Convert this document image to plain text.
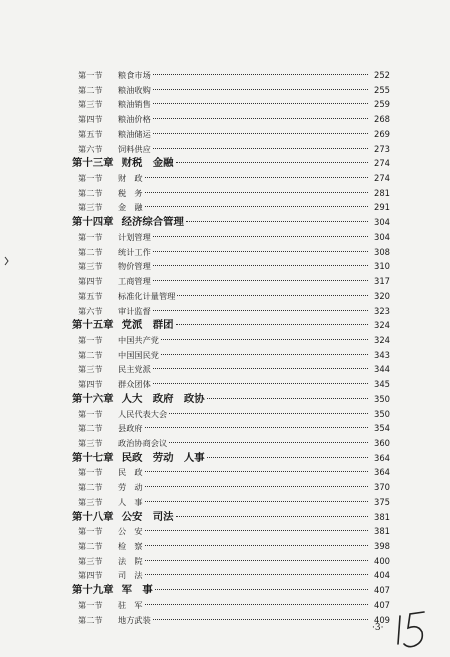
第一节	粮食市场	252
第二节	粮油收购	255
第三节	粮油销售	259
第四节	粮油价格	268
第五节	粮油储运	269
第六节	饲料供应	273
第十三章 财税　金融	274
第一节	财　政	274
第二节	税　务	281
第三节	金　融	291
第十四章 经济综合管理	304
第一节	计划管理	304
第二节	统计工作	308
第三节	物价管理	310
第四节	工商管理	317
第五节	标准化计量管理	320
第六节	审计监督	323
第十五章 党派　群团	324
第一节	中国共产党	324
第二节	中国国民党	343
第三节	民主党派	344
第四节	群众团体	345
第十六章 人大　政府　政协	350
第一节	人民代表大会	350
第二节	县政府	354
第三节	政治协商会议	360
第十七章 民政　劳动　人事	364
第一节	民　政	364
第二节	劳　动	370
第三节	人　事	375
第十八章 公安　司法	381
第一节	公　安	381
第二节	检　察	398
第三节	法　院	400
第四节	司　法	404
第十九章 军　事	407
第一节	驻　军	407
第二节	地方武装	409
·3·
